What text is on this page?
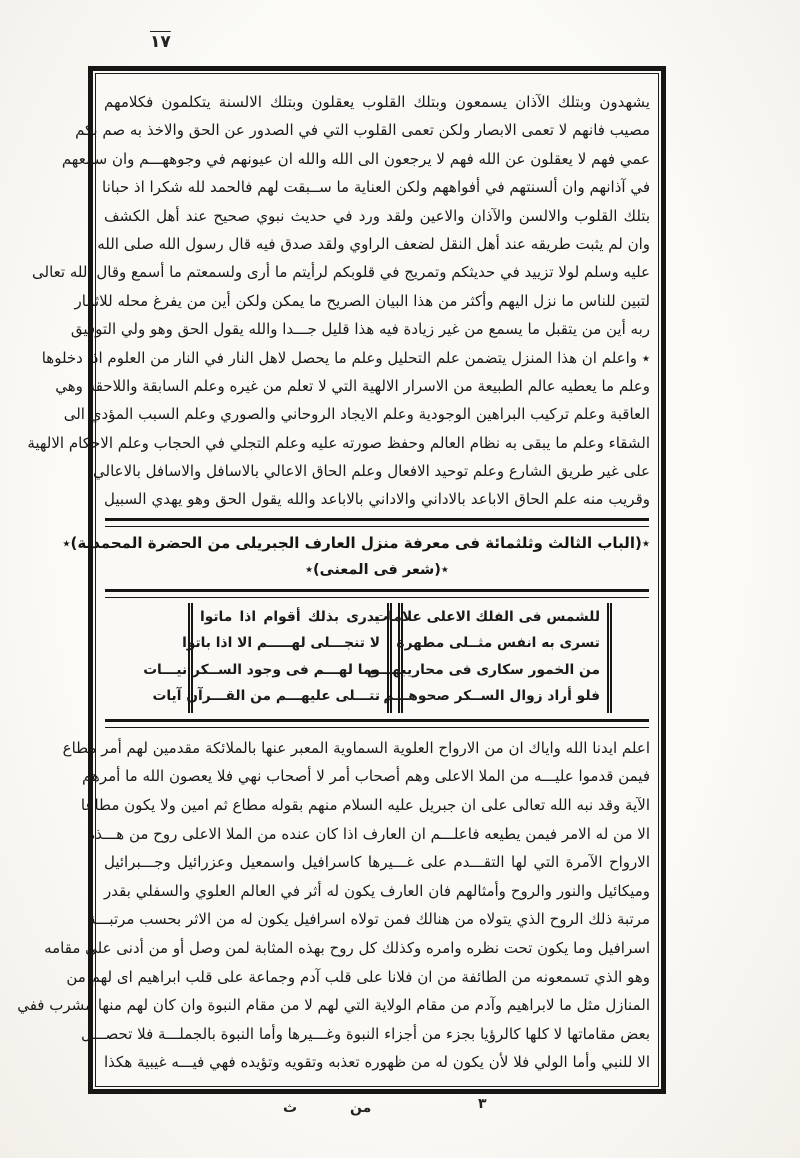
١٧
يشهدون وبتلك الآذان يسمعون وبتلك القلوب يعقلون وبتلك الالسنة يتكلمون فكلامهم
مصيب فانهم لا تعمى الابصار ولكن تعمى القلوب التي في الصدور عن الحق والاخذ به صم بكم
عمي فهم لا يعقلون عن الله فهم لا يرجعون الى الله والله ان عيونهم في وجوههـــم وان سمعهم
في آذانهم وان ألسنتهم في أفواههم ولكن العناية ما ســبقت لهم فالحمد لله شكرا اذ حبانا
بتلك القلوب والالسن والآذان والاعين ولقد ورد في حديث نبوي صحيح عند أهل الكشف
وان لم يثبت طريقه عند أهل النقل لضعف الراوي ولقد صدق فيه قال رسول الله صلى الله
عليه وسلم لولا تزييد في حديثكم وتمريج في قلوبكم لرأيتم ما أرى ولسمعتم ما أسمع وقال الله تعالى
لتبين للناس ما نزل اليهم وأكثر من هذا البيان الصريح ما يمكن ولكن أين من يفرغ محله للاثمار
ربه أين من يتقبل ما يسمع من غير زيادة فيه هذا قليل جـــدا والله يقول الحق وهو ولي التوفيق
٭ واعلم ان هذا المنزل يتضمن علم التحليل وعلم ما يحصل لاهل النار في النار من العلوم اذا دخلوها
وعلم ما يعطيه عالم الطبيعة من الاسرار الالهية التي لا تعلم من غيره وعلم السابقة واللاحقة وهي
العاقبة وعلم تركيب البراهين الوجودية وعلم الايجاد الروحاني والصوري وعلم السبب المؤدي الى
الشقاء وعلم ما يبقى به نظام العالم وحفظ صورته عليه وعلم التجلي في الحجاب وعلم الاحكام الالهية
على غير طريق الشارع وعلم توحيد الافعال وعلم الحاق الاعالي بالاسافل والاسافل بالاعالي
وقريب منه علم الحاق الاباعد بالاداني والاداني بالاباعد والله يقول الحق وهو يهدي السبيل
٭(الباب الثالث وثلثمائة فى معرفة منزل العارف الجبريلى من الحضرة المحمدية)٭
٭(شعر فى المعنى)٭
للشمس فى الفلك الاعلى علامات
تسرى به انفس مثــلى مطهرة
من الخمور سكارى فى محاريبهـــم
فلو أراد زوال الســكر صحوهـــم
يدرى بذلك أقوام اذا ماتوا
لا تنجـــلى لهـــــم الا اذا باتوا
وما لهـــم فى وجود الســكر نيـــات
تتـــلى عليهـــم من القـــرآن آيات
اعلم ايدنا الله واياك ان من الارواح العلوية السماوية المعبر عنها بالملائكة مقدمين لهم أمر مطاع
فيمن قدموا عليـــه من الملا الاعلى وهم أصحاب أمر لا أصحاب نهي فلا يعصون الله ما أمرهم
الآية وقد نبه الله تعالى على ان جبريل عليه السلام منهم بقوله مطاع ثم امين ولا يكون مطاعا
الا من له الامر فيمن يطيعه فاعلـــم ان العارف اذا كان عنده من الملا الاعلى روح من هـــذه
الارواح الآمرة التي لها التقـــدم على غـــيرها كاسرافيل واسمعيل وعزرائيل وجـــبرائيل
وميكائيل والنور والروح وأمثالهم فان العارف يكون له أثر في العالم العلوي والسفلي بقدر
مرتبة ذلك الروح الذي يتولاه من هنالك فمن تولاه اسرافيل يكون له من الاثر بحسب مرتبـــة
اسرافيل وما يكون تحت نظره وامره وكذلك كل روح بهذه المثابة لمن وصل أو من أدنى على مقامه
وهو الذي تسمعونه من الطائفة من ان فلانا على قلب آدم وجماعة على قلب ابراهيم اى لهم من
المنازل مثل ما لابراهيم وآدم من مقام الولاية التي لهم لا من مقام النبوة وان كان لهم منها مشرب ففي
بعض مقاماتها لا كلها كالرؤيا بجزء من أجزاء النبوة وغـــيرها وأما النبوة بالجملـــة فلا تحصـــل
الا للنبي وأما الولي فلا لأن يكون له من ظهوره تعذبه وتقويه وتؤيده فهي فيـــه غيبية هكذا
٣
من
ث
